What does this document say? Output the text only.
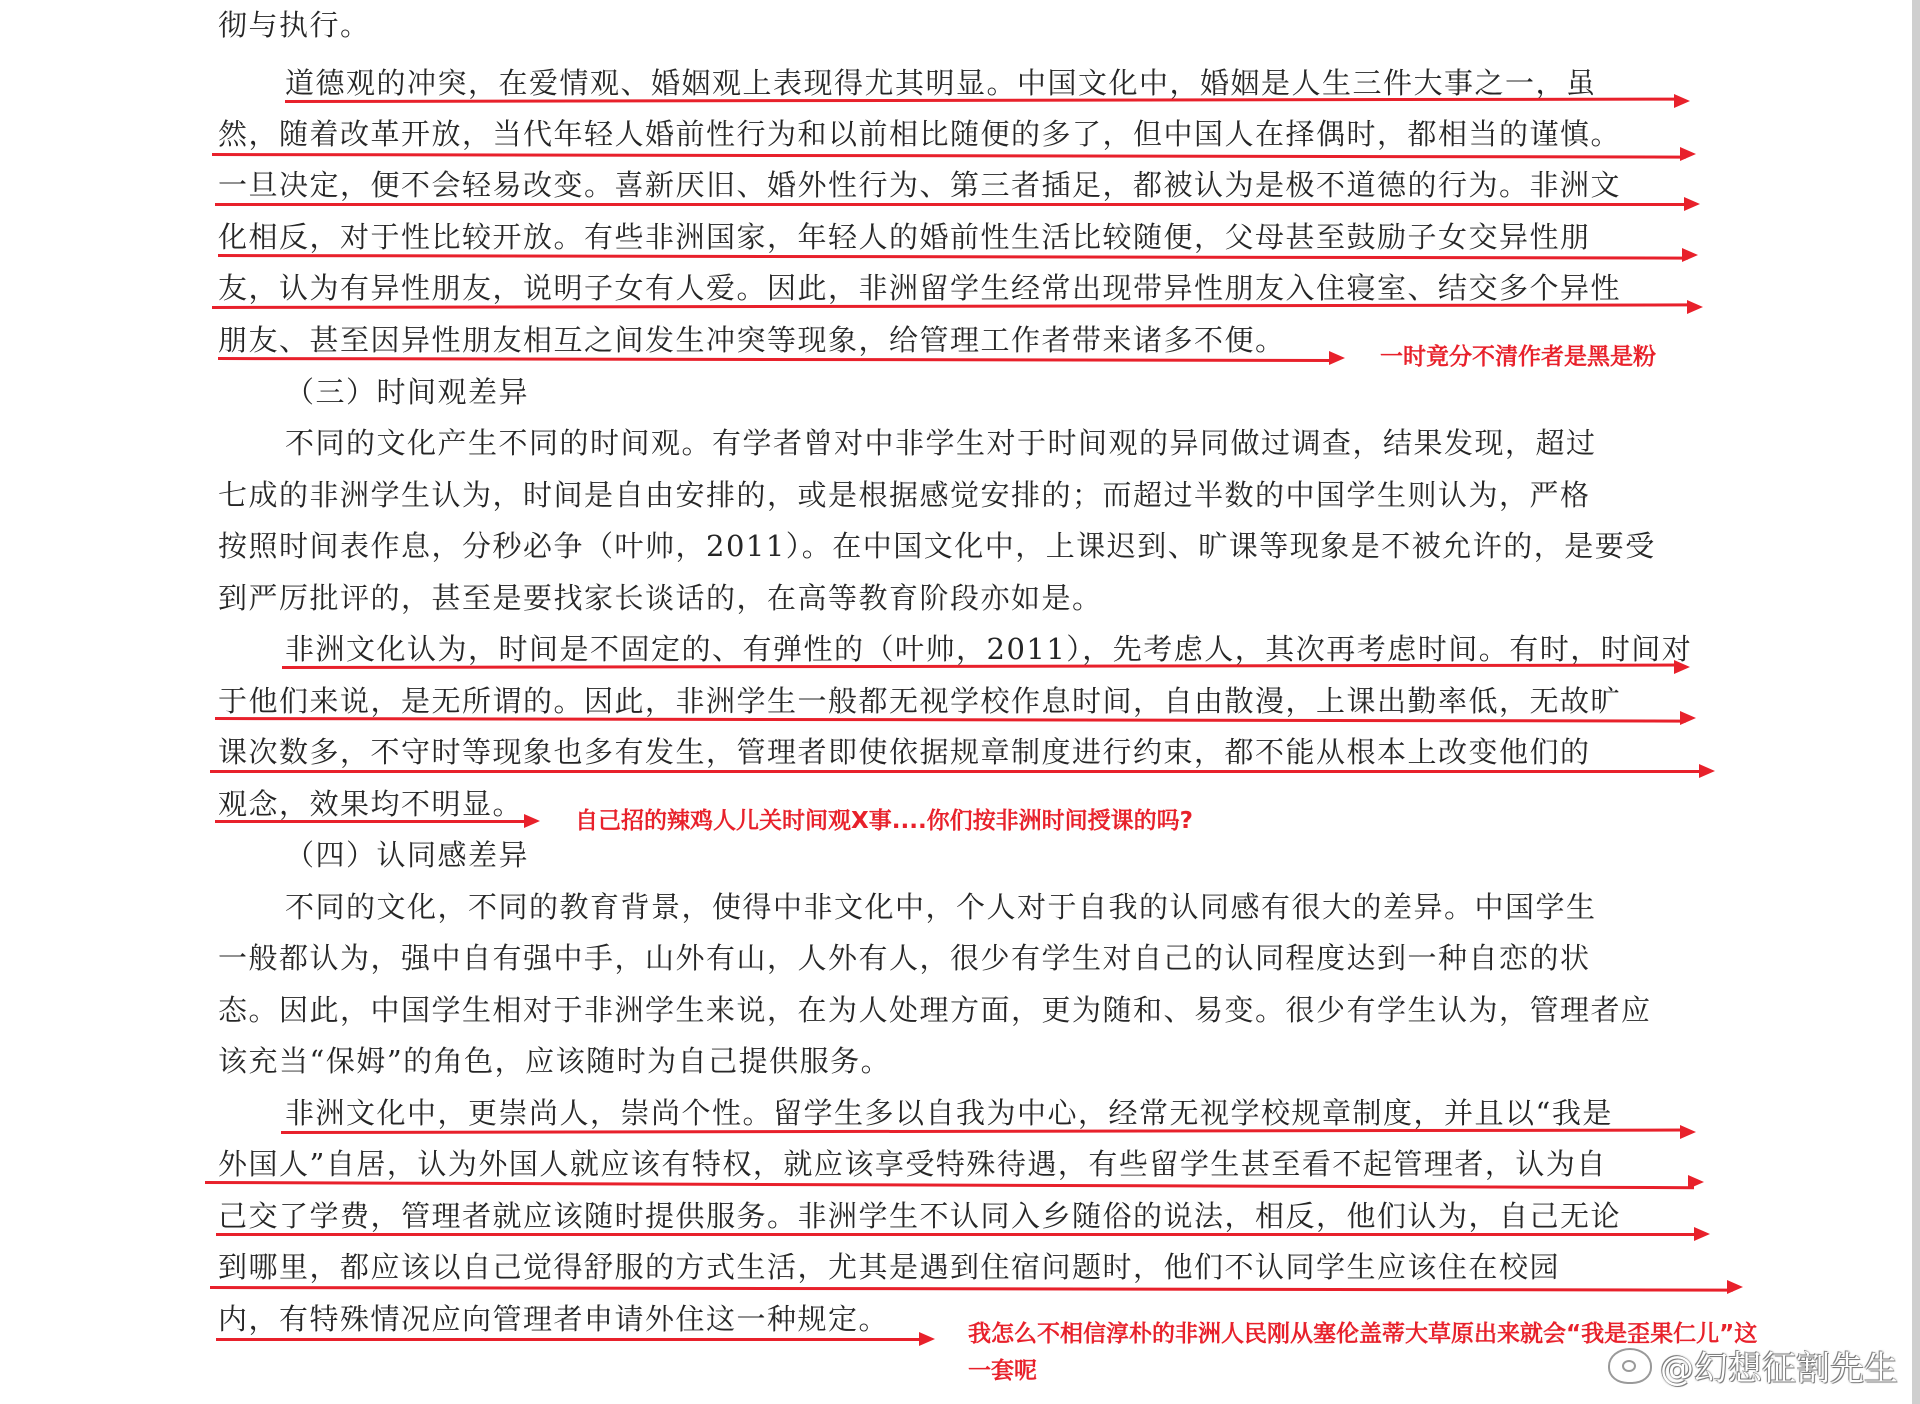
彻与执行。
道德观的冲突，在爱情观、婚姻观上表现得尤其明显。中国文化中，婚姻是人生三件大事之一，虽
然，随着改革开放，当代年轻人婚前性行为和以前相比随便的多了，但中国人在择偶时，都相当的谨慎。
一旦决定，便不会轻易改变。喜新厌旧、婚外性行为、第三者插足，都被认为是极不道德的行为。非洲文
化相反，对于性比较开放。有些非洲国家，年轻人的婚前性生活比较随便，父母甚至鼓励子女交异性朋
友，认为有异性朋友，说明子女有人爱。因此，非洲留学生经常出现带异性朋友入住寝室、结交多个异性
朋友、甚至因异性朋友相互之间发生冲突等现象，给管理工作者带来诸多不便。
（三）时间观差异
不同的文化产生不同的时间观。有学者曾对中非学生对于时间观的异同做过调查，结果发现，超过
七成的非洲学生认为，时间是自由安排的，或是根据感觉安排的；而超过半数的中国学生则认为，严格
按照时间表作息，分秒必争（叶帅，2011）。在中国文化中，上课迟到、旷课等现象是不被允许的，是要受
到严厉批评的，甚至是要找家长谈话的，在高等教育阶段亦如是。
非洲文化认为，时间是不固定的、有弹性的（叶帅，2011），先考虑人，其次再考虑时间。有时，时间对
于他们来说，是无所谓的。因此，非洲学生一般都无视学校作息时间，自由散漫，上课出勤率低，无故旷
课次数多，不守时等现象也多有发生，管理者即使依据规章制度进行约束，都不能从根本上改变他们的
观念，效果均不明显。
（四）认同感差异
不同的文化，不同的教育背景，使得中非文化中，个人对于自我的认同感有很大的差异。中国学生
一般都认为，强中自有强中手，山外有山，人外有人，很少有学生对自己的认同程度达到一种自恋的状
态。因此，中国学生相对于非洲学生来说，在为人处理方面，更为随和、易变。很少有学生认为，管理者应
该充当“保姆”的角色，应该随时为自己提供服务。
非洲文化中，更崇尚人，崇尚个性。留学生多以自我为中心，经常无视学校规章制度，并且以“我是
外国人”自居，认为外国人就应该有特权，就应该享受特殊待遇，有些留学生甚至看不起管理者，认为自
己交了学费，管理者就应该随时提供服务。非洲学生不认同入乡随俗的说法，相反，他们认为，自己无论
到哪里，都应该以自己觉得舒服的方式生活，尤其是遇到住宿问题时，他们不认同学生应该住在校园
内，有特殊情况应向管理者申请外住这一种规定。
一时竟分不清作者是黑是粉
自己招的辣鸡人儿关时间观X事....你们按非洲时间授课的吗?
我怎么不相信淳朴的非洲人民刚从塞伦盖蒂大草原出来就会“我是歪果仁儿”这
一套呢	@幻想征割先生
